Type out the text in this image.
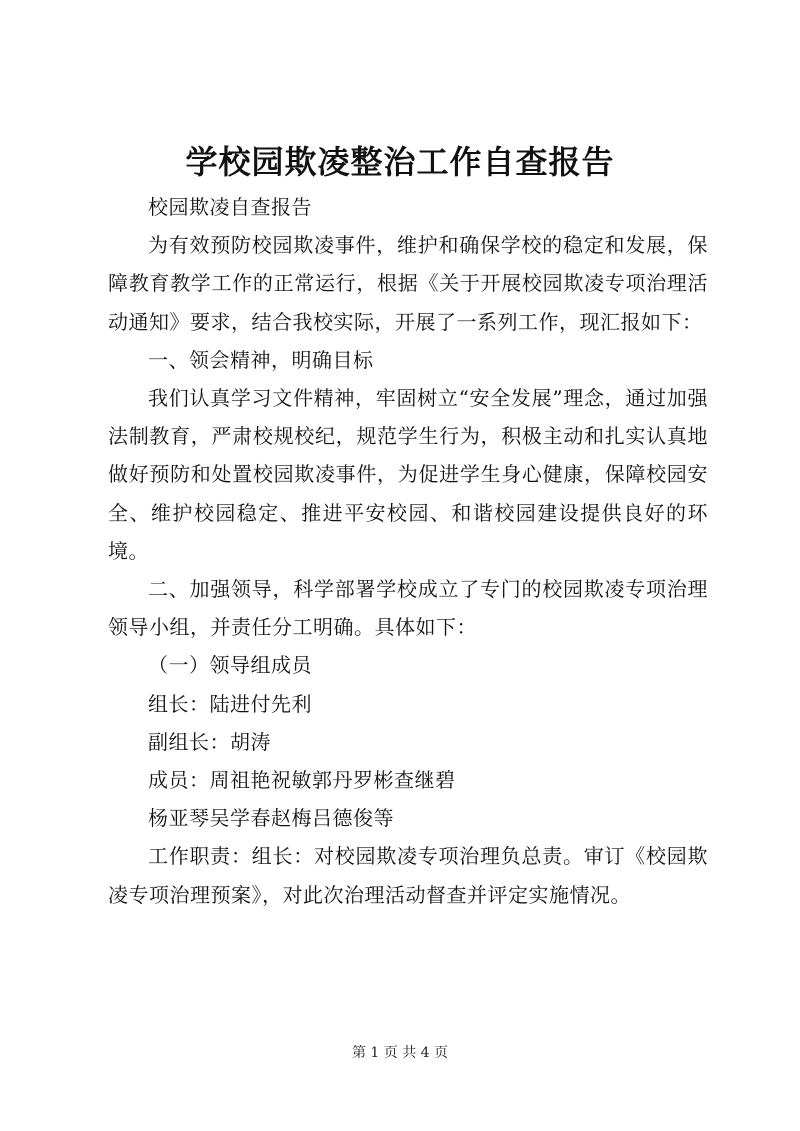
学校园欺凌整治工作自查报告

校园欺凌自查报告

为有效预防校园欺凌事件，维护和确保学校的稳定和发展，保障教育教学工作的正常运行，根据《关于开展校园欺凌专项治理活动通知》要求，结合我校实际，开展了一系列工作，现汇报如下：

一、领会精神，明确目标

我们认真学习文件精神，牢固树立“安全发展”理念，通过加强法制教育，严肃校规校纪，规范学生行为，积极主动和扎实认真地做好预防和处置校园欺凌事件，为促进学生身心健康，保障校园安全、维护校园稳定、推进平安校园、和谐校园建设提供良好的环境。

二、加强领导，科学部署学校成立了专门的校园欺凌专项治理领导小组，并责任分工明确。具体如下：

（一）领导组成员

组长：陆进付先利

副组长：胡涛

成员：周祖艳祝敏郭丹罗彬查继碧

杨亚琴吴学春赵梅吕德俊等

工作职责：组长：对校园欺凌专项治理负总责。审订《校园欺凌专项治理预案》，对此次治理活动督查并评定实施情况。

第 1 页 共 4 页
